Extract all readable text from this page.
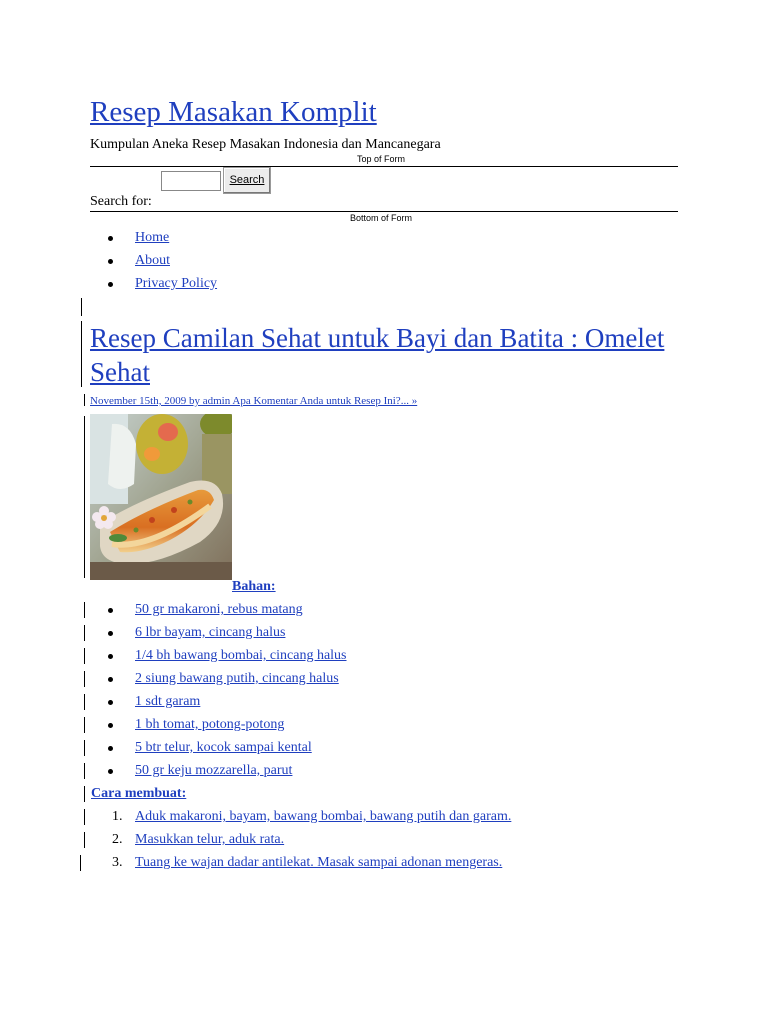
Resep Masakan Komplit
Kumpulan Aneka Resep Masakan Indonesia dan Mancanegara
Top of Form
Search
Search for:
Bottom of Form
Home
About
Privacy Policy
Resep Camilan Sehat untuk Bayi dan Batita : Omelet Sehat
November 15th, 2009 by admin Apa Komentar Anda untuk Resep Ini?... »
Bahan:
50 gr makaroni, rebus matang
6 lbr bayam, cincang halus
1/4 bh bawang bombai, cincang halus
2 siung bawang putih, cincang halus
1 sdt garam
1 bh tomat, potong-potong
5 btr telur, kocok sampai kental
50 gr keju mozzarella, parut
Cara membuat:
1. Aduk makaroni, bayam, bawang bombai, bawang putih dan garam.
2. Masukkan telur, aduk rata.
3. Tuang ke wajan dadar antilekat. Masak sampai adonan mengeras.
